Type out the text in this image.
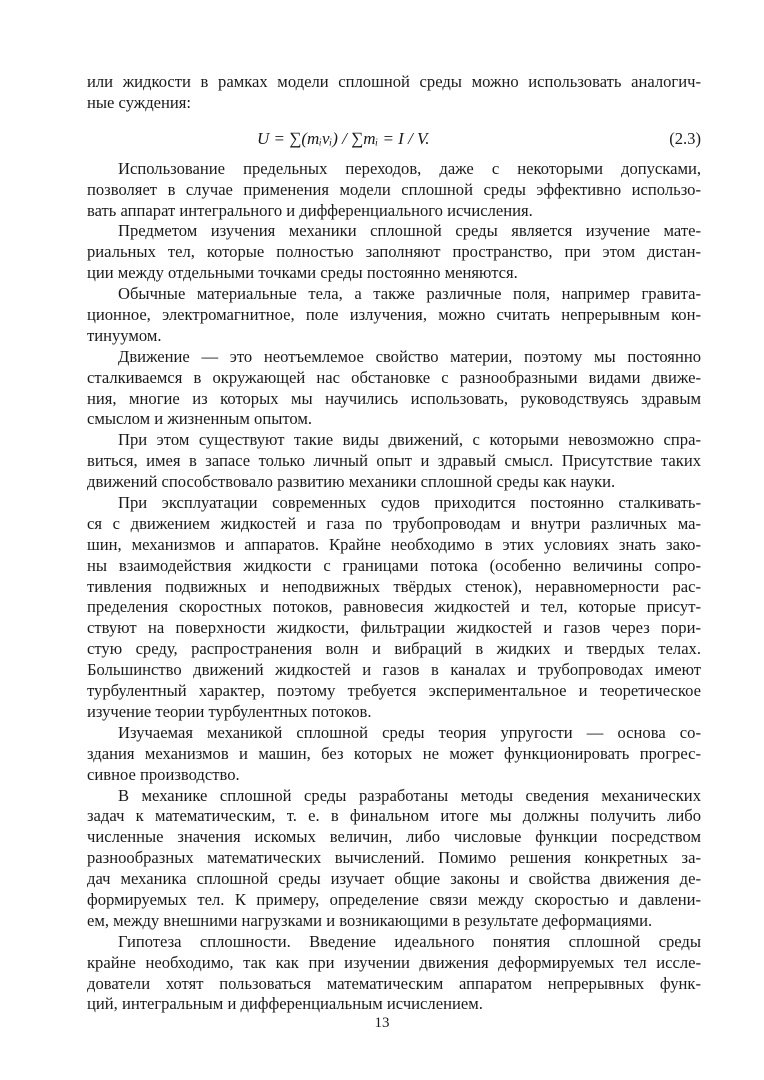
или жидкости в рамках модели сплошной среды можно использовать аналогич-
ные суждения:
U = ∑(mᵢvᵢ) / ∑mᵢ = I / V.	(2.3)
Использование предельных переходов, даже с некоторыми допусками,
позволяет в случае применения модели сплошной среды эффективно использо-
вать аппарат интегрального и дифференциального исчисления.
Предметом изучения механики сплошной среды является изучение мате-
риальных тел, которые полностью заполняют пространство, при этом дистан-
ции между отдельными точками среды постоянно меняются.
Обычные материальные тела, а также различные поля, например гравита-
ционное, электромагнитное, поле излучения, можно считать непрерывным кон-
тинуумом.
Движение — это неотъемлемое свойство материи, поэтому мы постоянно
сталкиваемся в окружающей нас обстановке с разнообразными видами движе-
ния, многие из которых мы научились использовать, руководствуясь здравым
смыслом и жизненным опытом.
При этом существуют такие виды движений, с которыми невозможно спра-
виться, имея в запасе только личный опыт и здравый смысл. Присутствие таких
движений способствовало развитию механики сплошной среды как науки.
При эксплуатации современных судов приходится постоянно сталкивать-
ся с движением жидкостей и газа по трубопроводам и внутри различных ма-
шин, механизмов и аппаратов. Крайне необходимо в этих условиях знать зако-
ны взаимодействия жидкости с границами потока (особенно величины сопро-
тивления подвижных и неподвижных твёрдых стенок), неравномерности рас-
пределения скоростных потоков, равновесия жидкостей и тел, которые присут-
ствуют на поверхности жидкости, фильтрации жидкостей и газов через пори-
стую среду, распространения волн и вибраций в жидких и твердых телах.
Большинство движений жидкостей и газов в каналах и трубопроводах имеют
турбулентный характер, поэтому требуется экспериментальное и теоретическое
изучение теории турбулентных потоков.
Изучаемая механикой сплошной среды теория упругости — основа со-
здания механизмов и машин, без которых не может функционировать прогрес-
сивное производство.
В механике сплошной среды разработаны методы сведения механических
задач к математическим, т. е. в финальном итоге мы должны получить либо
численные значения искомых величин, либо числовые функции посредством
разнообразных математических вычислений. Помимо решения конкретных за-
дач механика сплошной среды изучает общие законы и свойства движения де-
формируемых тел. К примеру, определение связи между скоростью и давлени-
ем, между внешними нагрузками и возникающими в результате деформациями.
Гипотеза сплошности. Введение идеального понятия сплошной среды
крайне необходимо, так как при изучении движения деформируемых тел иссле-
дователи хотят пользоваться математическим аппаратом непрерывных функ-
ций, интегральным и дифференциальным исчислением.
13
